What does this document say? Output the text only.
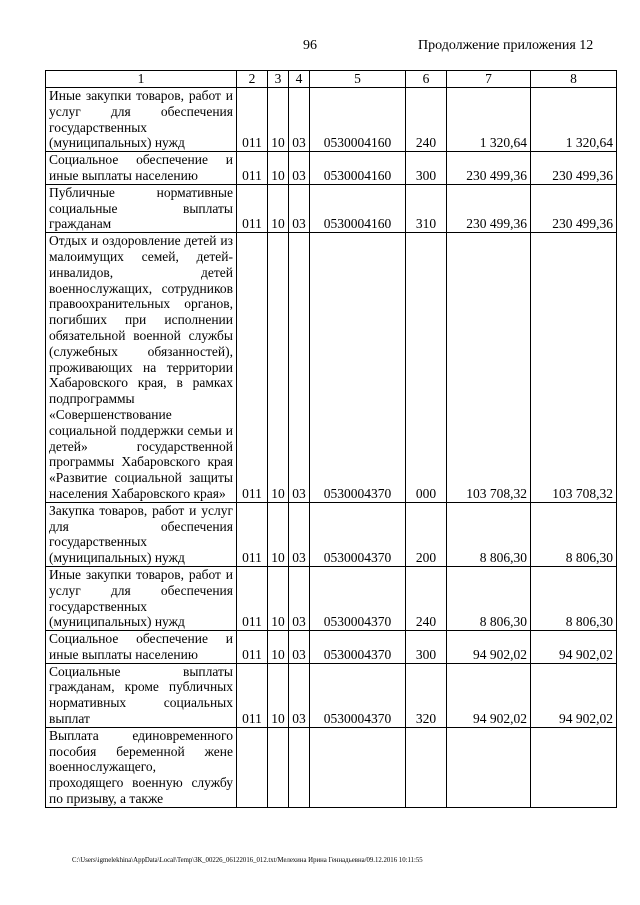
96	Продолжение приложения 12
1	2	3	4	5	6	7	8
Иные закупки товаров, работ и услуг для обеспечения государственных (муниципальных) нужд	011	10	03	0530004160	240	1 320,64	1 320,64
Социальное обеспечение и иные выплаты населению	011	10	03	0530004160	300	230 499,36	230 499,36
Публичные нормативные социальные выплаты гражданам	011	10	03	0530004160	310	230 499,36	230 499,36
Отдых и оздоровление детей из малоимущих семей, детей-инвалидов, детей военнослужащих, сотрудников правоохранительных органов, погибших при исполнении обязательной военной службы (служебных обязанностей), проживающих на территории Хабаровского края, в рамках подпрограммы «Совершенствование социальной поддержки семьи и детей» государственной программы Хабаровского края «Развитие социальной защиты населения Хабаровского края»	011	10	03	0530004370	000	103 708,32	103 708,32
Закупка товаров, работ и услуг для обеспечения государственных (муниципальных) нужд	011	10	03	0530004370	200	8 806,30	8 806,30
Иные закупки товаров, работ и услуг для обеспечения государственных (муниципальных) нужд	011	10	03	0530004370	240	8 806,30	8 806,30
Социальное обеспечение и иные выплаты населению	011	10	03	0530004370	300	94 902,02	94 902,02
Социальные выплаты гражданам, кроме публичных нормативных социальных выплат	011	10	03	0530004370	320	94 902,02	94 902,02
Выплата единовременного пособия беременной жене военнослужащего, проходящего военную службу по призыву, а также							
C:\Users\igmelekhina\AppData\Local\Temp\ЗК_00226_06122016_012.txt/Мелехина Ирина Геннадьевна/09.12.2016 10:11:55
